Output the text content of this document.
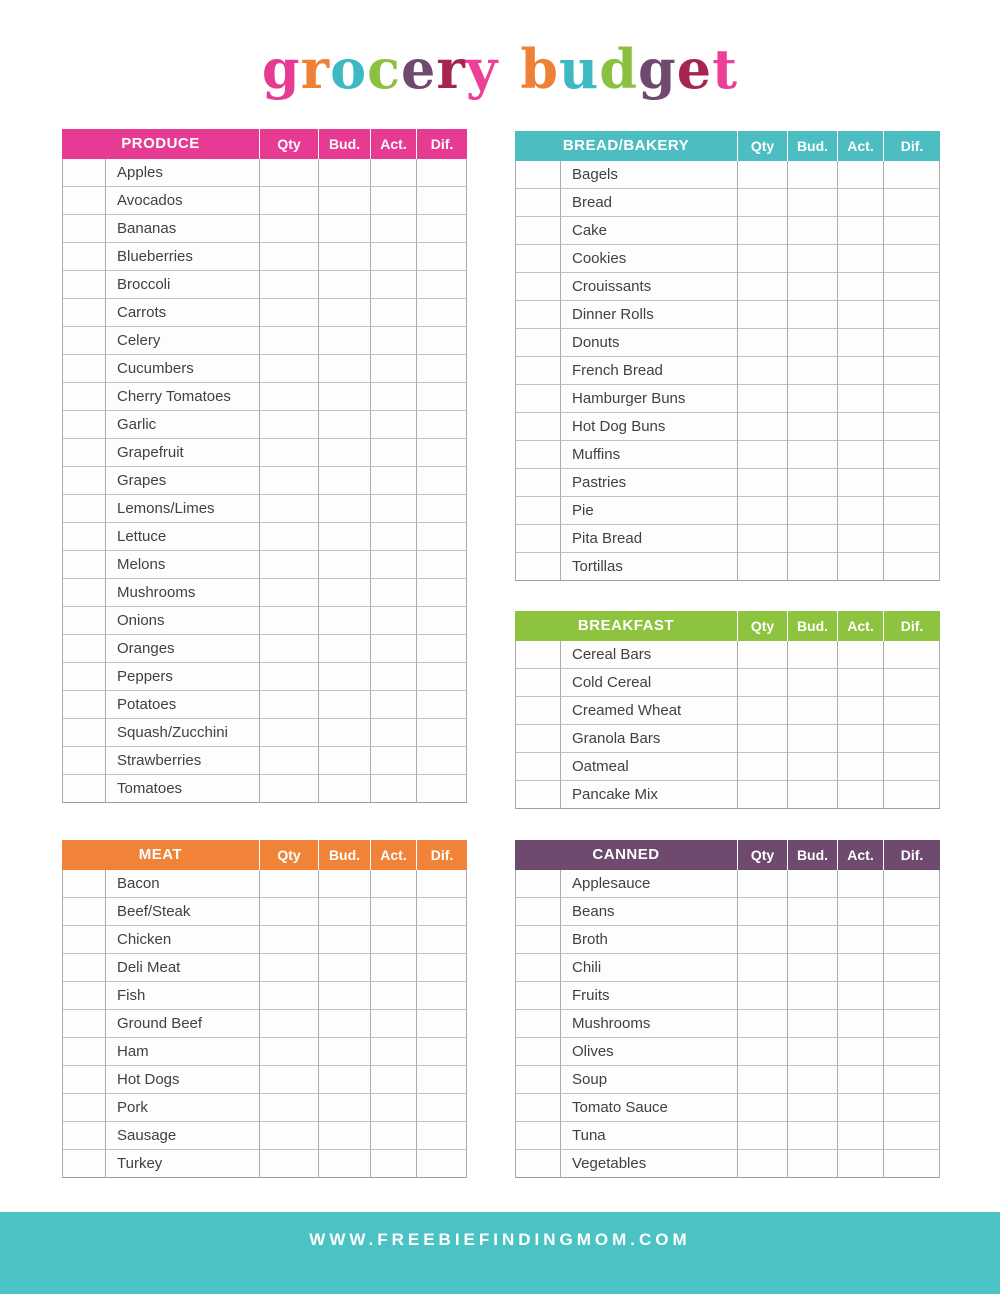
grocery budget
PRODUCE	Qty	Bud.	Act.	Dif.
Apples
Avocados
Bananas
Blueberries
Broccoli
Carrots
Celery
Cucumbers
Cherry Tomatoes
Garlic
Grapefruit
Grapes
Lemons/Limes
Lettuce
Melons
Mushrooms
Onions
Oranges
Peppers
Potatoes
Squash/Zucchini
Strawberries
Tomatoes
MEAT	Qty	Bud.	Act.	Dif.
Bacon
Beef/Steak
Chicken
Deli Meat
Fish
Ground Beef
Ham
Hot Dogs
Pork
Sausage
Turkey
BREAD/BAKERY	Qty	Bud.	Act.	Dif.
Bagels
Bread
Cake
Cookies
Crouissants
Dinner Rolls
Donuts
French Bread
Hamburger Buns
Hot Dog Buns
Muffins
Pastries
Pie
Pita Bread
Tortillas
BREAKFAST	Qty	Bud.	Act.	Dif.
Cereal Bars
Cold Cereal
Creamed Wheat
Granola Bars
Oatmeal
Pancake Mix
CANNED	Qty	Bud.	Act.	Dif.
Applesauce
Beans
Broth
Chili
Fruits
Mushrooms
Olives
Soup
Tomato Sauce
Tuna
Vegetables
WWW.FREEBIEFINDINGMOM.COM
